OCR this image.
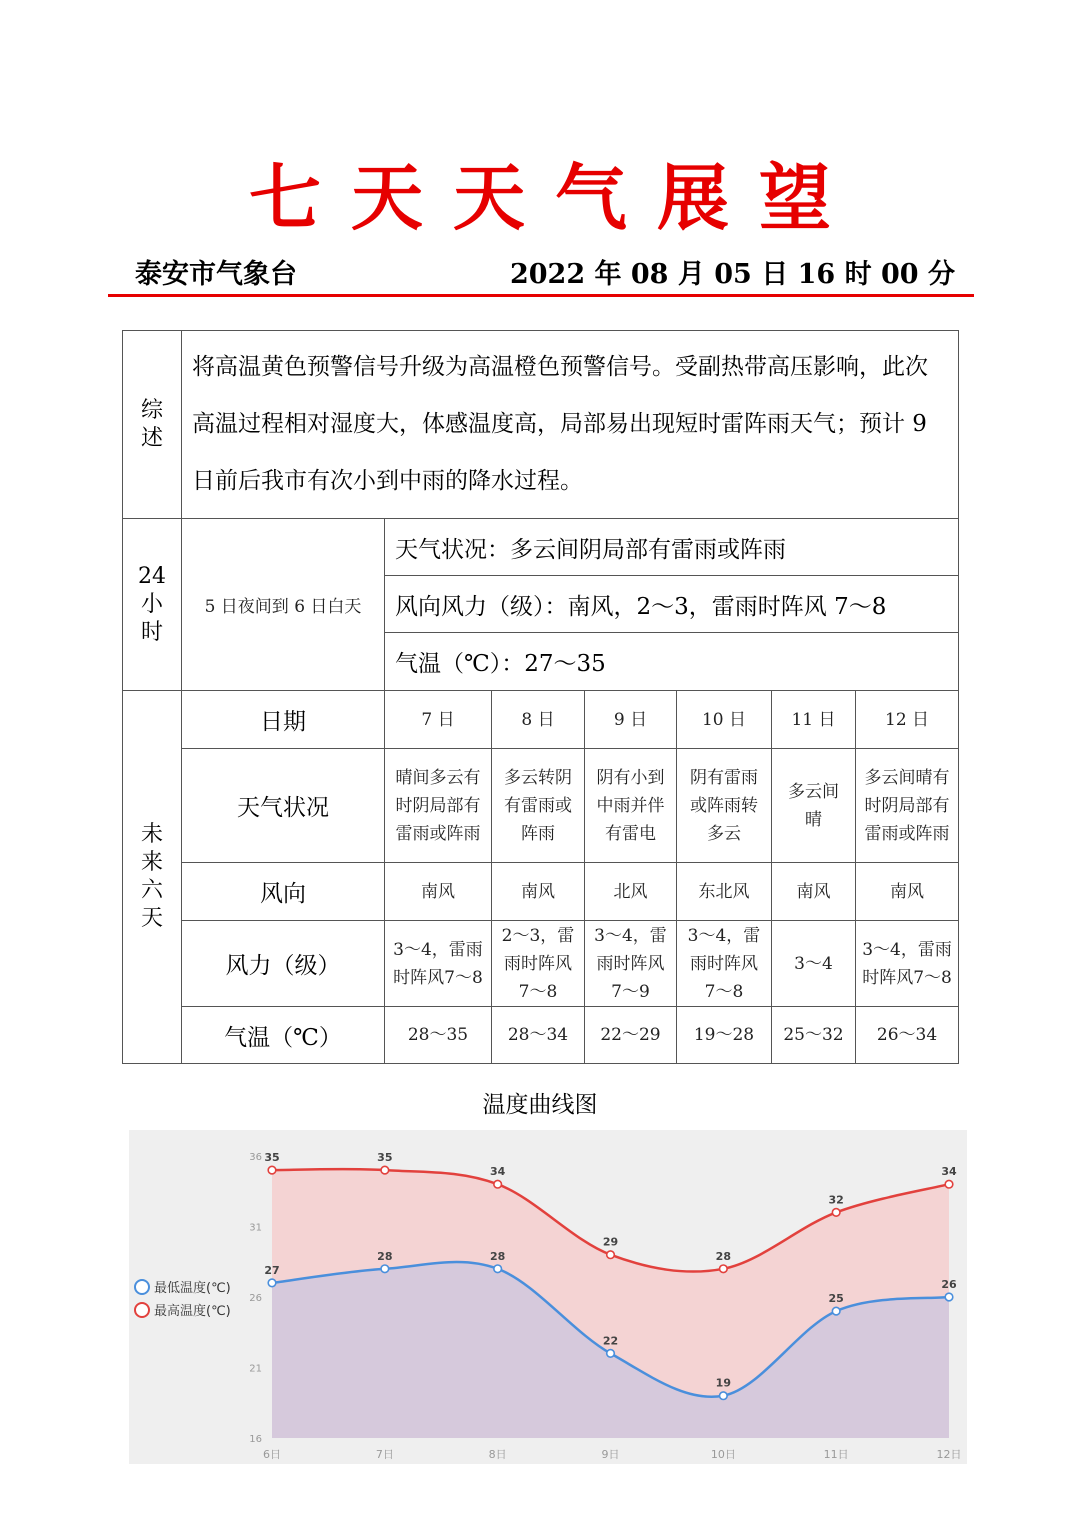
七天天气展望
泰安市气象台	2022 年 08 月 05 日 16 时 00 分
综
述	将高温黄色预警信号升级为高温橙色预警信号。受副热带高压影响，此次高温过程相对湿度大，体感温度高，局部易出现短时雷阵雨天气；预计 9 日前后我市有次小到中雨的降水过程。						

24
小
时	5 日夜间到 6 日白天	天气状况：多云间阴局部有雷雨或阵雨					
		风向风力（级）：南风，2～3，雷雨时阵风 7～8					
		气温（℃）：27～35					

未
来
六
天	日期	7 日	8 日	9 日	10 日	11 日	12 日
	天气状况	晴间多云有时阴局部有雷雨或阵雨	多云转阴有雷雨或阵雨	阴有小到中雨并伴有雷电	阴有雷雨或阵雨转多云	多云间晴	多云间晴有时阴局部有雷雨或阵雨
	风向	南风	南风	北风	东北风	南风	南风
	风力（级）	3～4，雷雨时阵风7～8	2～3，雷雨时阵风 7～8	3～4，雷雨时阵风 7～9	3～4，雷雨时阵风 7～8	3～4	3～4，雷雨时阵风7～8
	气温（℃）	28～35	28～34	22～29	19～28	25～32	26～34
温度曲线图
36
31
26
21
16
6日	7日	8日	9日	10日	11日	12日
35	35
34
29
28
32
34
27
28	28
22
19
25
26
最低温度(℃)
最高温度(℃)
